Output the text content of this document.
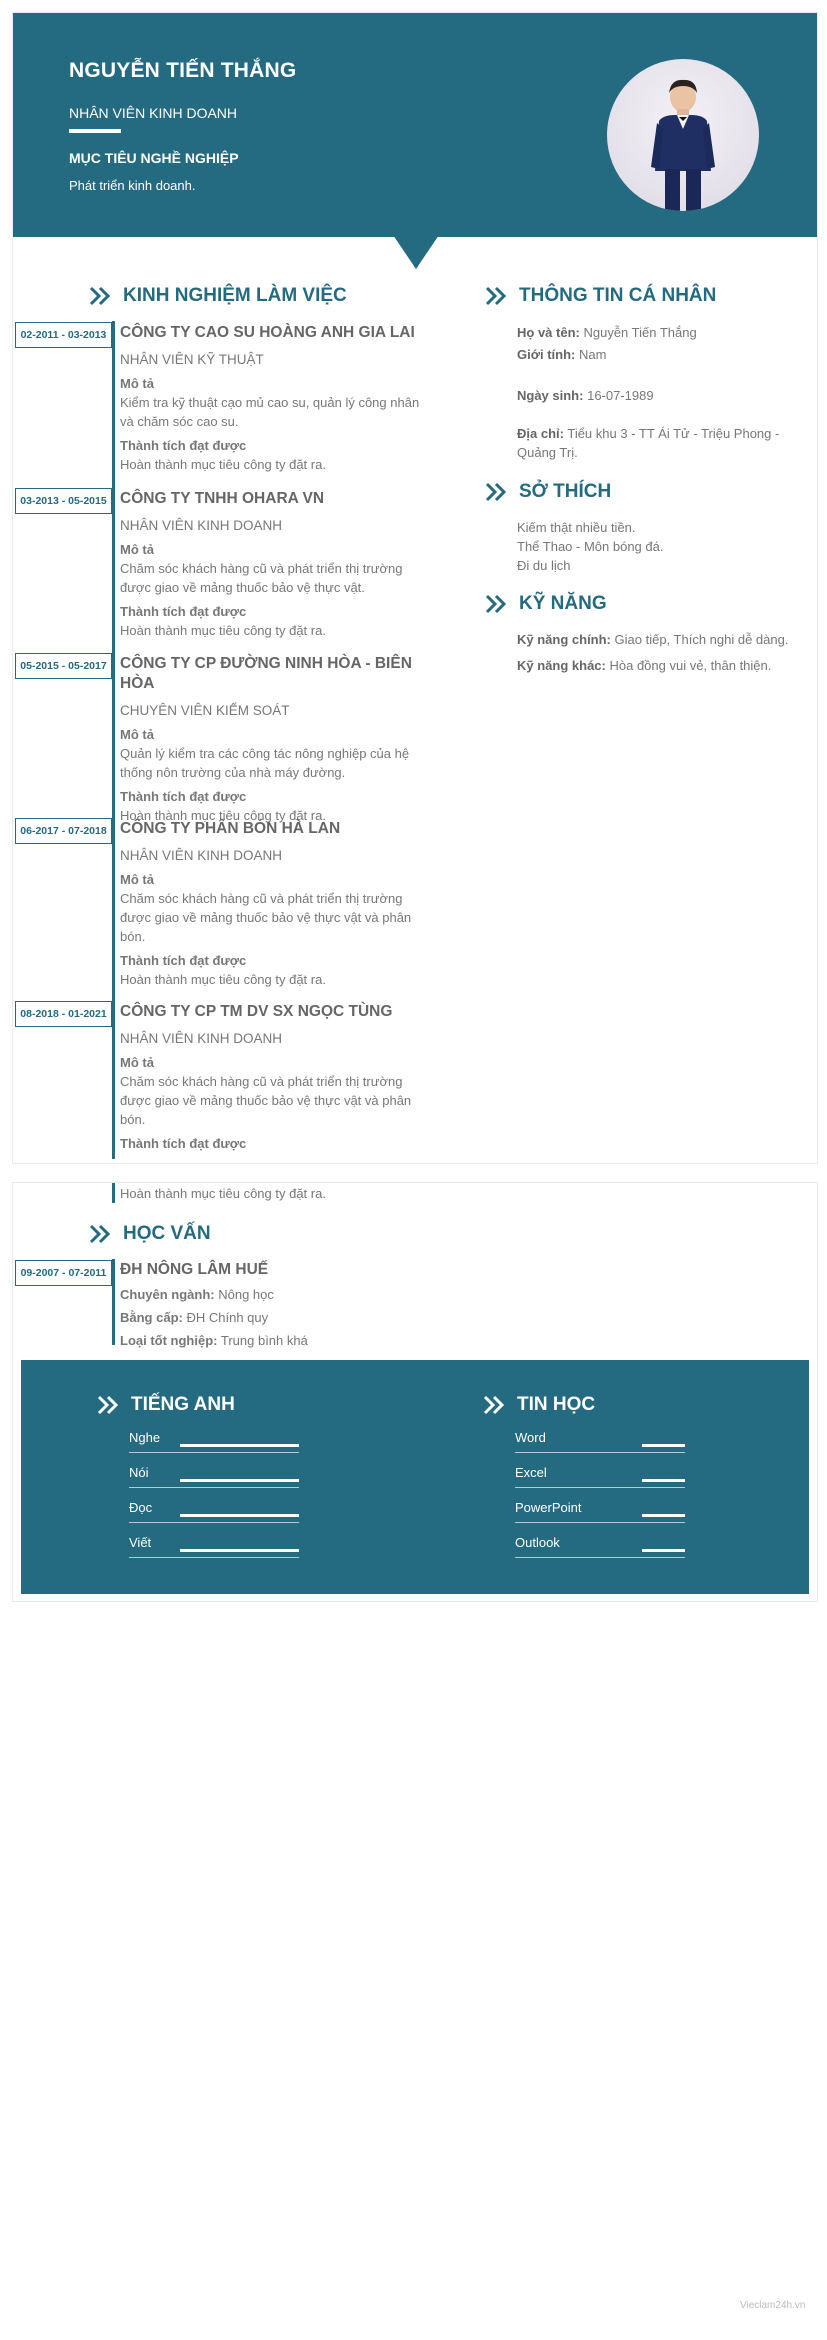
NGUYỄN TIẾN THẮNG
NHÂN VIÊN KINH DOANH
MỤC TIÊU NGHỀ NGHIỆP
Phát triển kinh doanh.
KINH NGHIỆM LÀM VIỆC
02-2011 - 03-2013 CÔNG TY CAO SU HOÀNG ANH GIA LAI
NHÂN VIÊN KỸ THUẬT
Mô tả
Kiểm tra kỹ thuật cạo mủ cao su, quản lý công nhân và chăm sóc cao su.
Thành tích đạt được
Hoàn thành mục tiêu công ty đặt ra.
03-2013 - 05-2015 CÔNG TY TNHH OHARA VN
NHÂN VIÊN KINH DOANH
Mô tả
Chăm sóc khách hàng cũ và phát triển thị trường được giao về mảng thuốc bảo vệ thực vật.
Thành tích đạt được
Hoàn thành mục tiêu công ty đặt ra.
05-2015 - 05-2017 CÔNG TY CP ĐƯỜNG NINH HÒA - BIÊN HÒA
CHUYÊN VIÊN KIỂM SOÁT
Mô tả
Quản lý kiểm tra các công tác nông nghiệp của hệ thống nôn trường của nhà máy đường.
Thành tích đạt được
Hoàn thành mục tiêu công ty đặt ra.
06-2017 - 07-2018 CÔNG TY PHÂN BÓN HÀ LAN
NHÂN VIÊN KINH DOANH
Mô tả
Chăm sóc khách hàng cũ và phát triển thị trường được giao về mảng thuốc bảo vệ thực vật và phân bón.
Thành tích đạt được
Hoàn thành mục tiêu công ty đặt ra.
08-2018 - 01-2021 CÔNG TY CP TM DV SX NGỌC TÙNG
NHÂN VIÊN KINH DOANH
Mô tả
Chăm sóc khách hàng cũ và phát triển thị trường được giao về mảng thuốc bảo vệ thực vật và phân bón.
Thành tích đạt được
THÔNG TIN CÁ NHÂN
Họ và tên: Nguyễn Tiến Thắng
Giới tính: Nam
Ngày sinh: 16-07-1989
Địa chỉ: Tiểu khu 3 - TT Ái Tử - Triệu Phong - Quảng Trị.
SỞ THÍCH
Kiếm thật nhiều tiền.
Thể Thao - Môn bóng đá.
Đi du lịch
KỸ NĂNG
Kỹ năng chính: Giao tiếp, Thích nghi dễ dàng.
Kỹ năng khác: Hòa đồng vui vẻ, thân thiện.
Hoàn thành mục tiêu công ty đặt ra.
HỌC VẤN
09-2007 - 07-2011 ĐH NÔNG LÂM HUẾ
Chuyên ngành: Nông học
Bằng cấp: ĐH Chính quy
Loại tốt nghiệp: Trung bình khá
TIẾNG ANH	TIN HỌC
Nghe
Nói
Đọc
Viết
Word
Excel
PowerPoint
Outlook
Vieclam24h.vn
